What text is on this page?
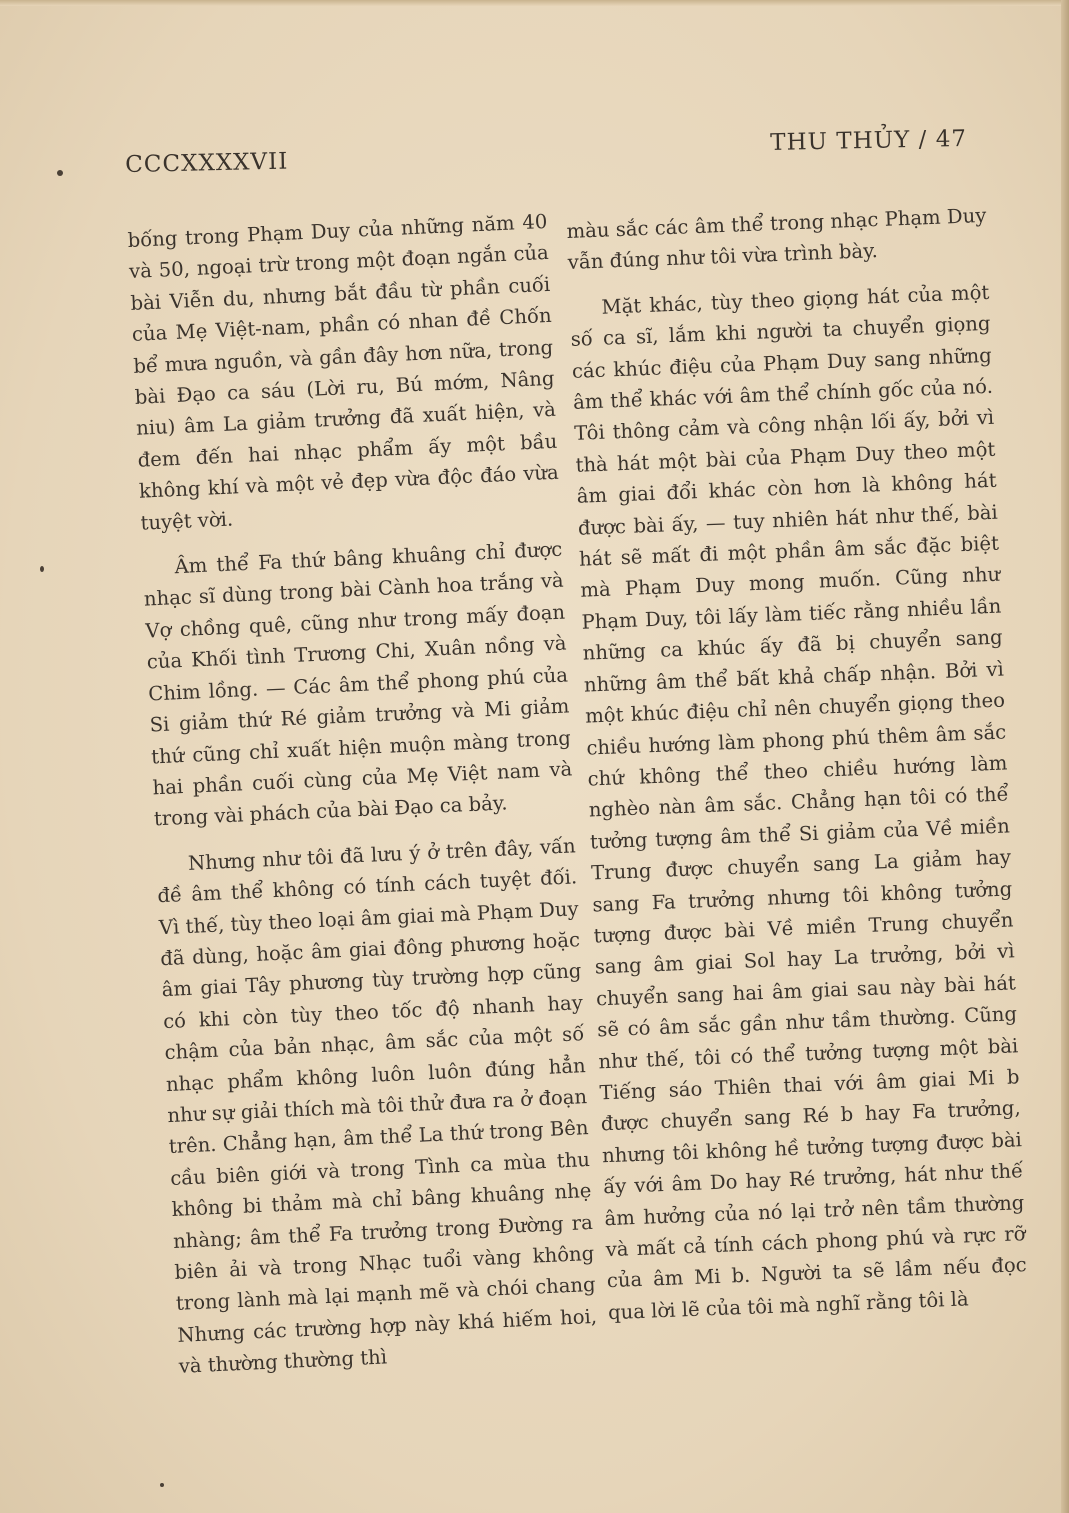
CCCXXXXVII
THU THỦY / 47

bống trong Phạm Duy của những năm 40 và 50, ngoại trừ trong một đoạn ngắn của bài Viễn du, nhưng bắt đầu từ phần cuối của Mẹ Việt-nam, phần có nhan đề Chốn bể mưa nguồn, và gần đây hơn nữa, trong bài Đạo ca sáu (Lời ru, Bú mớm, Nâng niu) âm La giảm trưởng đã xuất hiện, và đem đến hai nhạc phẩm ấy một bầu không khí và một vẻ đẹp vừa độc đáo vừa tuyệt vời.

Âm thể Fa thứ bâng khuâng chỉ được nhạc sĩ dùng trong bài Cành hoa trắng và Vợ chồng quê, cũng như trong mấy đoạn của Khối tình Trương Chi, Xuân nồng và Chim lồng. — Các âm thể phong phú của Si giảm thứ Ré giảm trưởng và Mi giảm thứ cũng chỉ xuất hiện muộn màng trong hai phần cuối cùng của Mẹ Việt nam và trong vài phách của bài Đạo ca bảy.

Nhưng như tôi đã lưu ý ở trên đây, vấn đề âm thể không có tính cách tuyệt đối. Vì thế, tùy theo loại âm giai mà Phạm Duy đã dùng, hoặc âm giai đông phương hoặc âm giai Tây phương tùy trường hợp cũng có khi còn tùy theo tốc độ nhanh hay chậm của bản nhạc, âm sắc của một số nhạc phẩm không luôn luôn đúng hẳn như sự giải thích mà tôi thử đưa ra ở đoạn trên. Chẳng hạn, âm thể La thứ trong Bên cầu biên giới và trong Tình ca mùa thu không bi thảm mà chỉ bâng khuâng nhẹ nhàng; âm thể Fa trưởng trong Đường ra biên ải và trong Nhạc tuổi vàng không trong lành mà lại mạnh mẽ và chói chang Nhưng các trường hợp này khá hiếm hoi, và thường thường thì

màu sắc các âm thể trong nhạc Phạm Duy vẫn đúng như tôi vừa trình bày.

Mặt khác, tùy theo giọng hát của một số ca sĩ, lắm khi người ta chuyển giọng các khúc điệu của Phạm Duy sang những âm thể khác với âm thể chính gốc của nó. Tôi thông cảm và công nhận lối ấy, bởi vì thà hát một bài của Phạm Duy theo một âm giai đổi khác còn hơn là không hát được bài ấy, — tuy nhiên hát như thế, bài hát sẽ mất đi một phần âm sắc đặc biệt mà Phạm Duy mong muốn. Cũng như Phạm Duy, tôi lấy làm tiếc rằng nhiều lần những ca khúc ấy đã bị chuyển sang những âm thể bất khả chấp nhận. Bởi vì một khúc điệu chỉ nên chuyển giọng theo chiều hướng làm phong phú thêm âm sắc chứ không thể theo chiều hướng làm nghèo nàn âm sắc. Chẳng hạn tôi có thể tưởng tượng âm thể Si giảm của Về miền Trung được chuyển sang La giảm hay sang Fa trưởng nhưng tôi không tưởng tượng được bài Về miền Trung chuyển sang âm giai Sol hay La trưởng, bởi vì chuyển sang hai âm giai sau này bài hát sẽ có âm sắc gần như tầm thường. Cũng như thế, tôi có thể tưởng tượng một bài Tiếng sáo Thiên thai với âm giai Mi b được chuyển sang Ré b hay Fa trưởng, nhưng tôi không hề tưởng tượng được bài ấy với âm Do hay Ré trưởng, hát như thế âm hưởng của nó lại trở nên tầm thường và mất cả tính cách phong phú và rực rỡ của âm Mi b. Người ta sẽ lầm nếu đọc qua lời lẽ của tôi mà nghĩ rằng tôi là
